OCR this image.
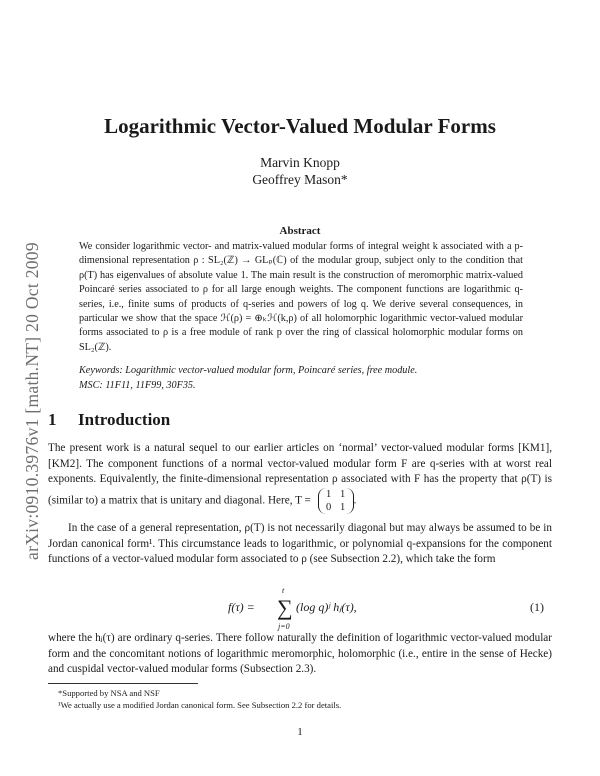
arXiv:0910.3976v1 [math.NT] 20 Oct 2009
Logarithmic Vector-Valued Modular Forms
Marvin Knopp
Geoffrey Mason*
Abstract

We consider logarithmic vector- and matrix-valued modular forms of integral weight k associated with a p-dimensional representation ρ : SL₂(ℤ) → GLₚ(ℂ) of the modular group, subject only to the condition that ρ(T) has eigenvalues of absolute value 1. The main result is the construction of meromorphic matrix-valued Poincaré series associated to ρ for all large enough weights. The component functions are logarithmic q-series, i.e., finite sums of products of q-series and powers of log q. We derive several consequences, in particular we show that the space ℋ(ρ) = ⊕ₖℋ(k,ρ) of all holomorphic logarithmic vector-valued modular forms associated to ρ is a free module of rank p over the ring of classical holomorphic modular forms on SL₂(ℤ).

Keywords: Logarithmic vector-valued modular form, Poincaré series, free module.
MSC: 11F11, 11F99, 30F35.
1 Introduction

The present work is a natural sequel to our earlier articles on ‘normal’ vector-valued modular forms [KM1], [KM2]. The component functions of a normal vector-valued modular form F are q-series with at worst real exponents. Equivalently, the finite-dimensional representation ρ associated with F has the property that ρ(T) is (similar to) a matrix that is unitary and diagonal. Here, T =
1 1
0 1
.

In the case of a general representation, ρ(T) is not necessarily diagonal but may always be assumed to be in Jordan canonical form¹. This circumstance leads to logarithmic, or polynomial q-expansions for the component functions of a vector-valued modular form associated to ρ (see Subsection 2.2), which take the form

f(τ) =
t
∑
j=0
(log q)ʲ hⱼ(τ),	(1)

where the hⱼ(τ) are ordinary q-series. There follow naturally the definition of logarithmic vector-valued modular form and the concomitant notions of logarithmic meromorphic, holomorphic (i.e., entire in the sense of Hecke) and cuspidal vector-valued modular forms (Subsection 2.3).

*Supported by NSA and NSF
¹We actually use a modified Jordan canonical form. See Subsection 2.2 for details.
1
